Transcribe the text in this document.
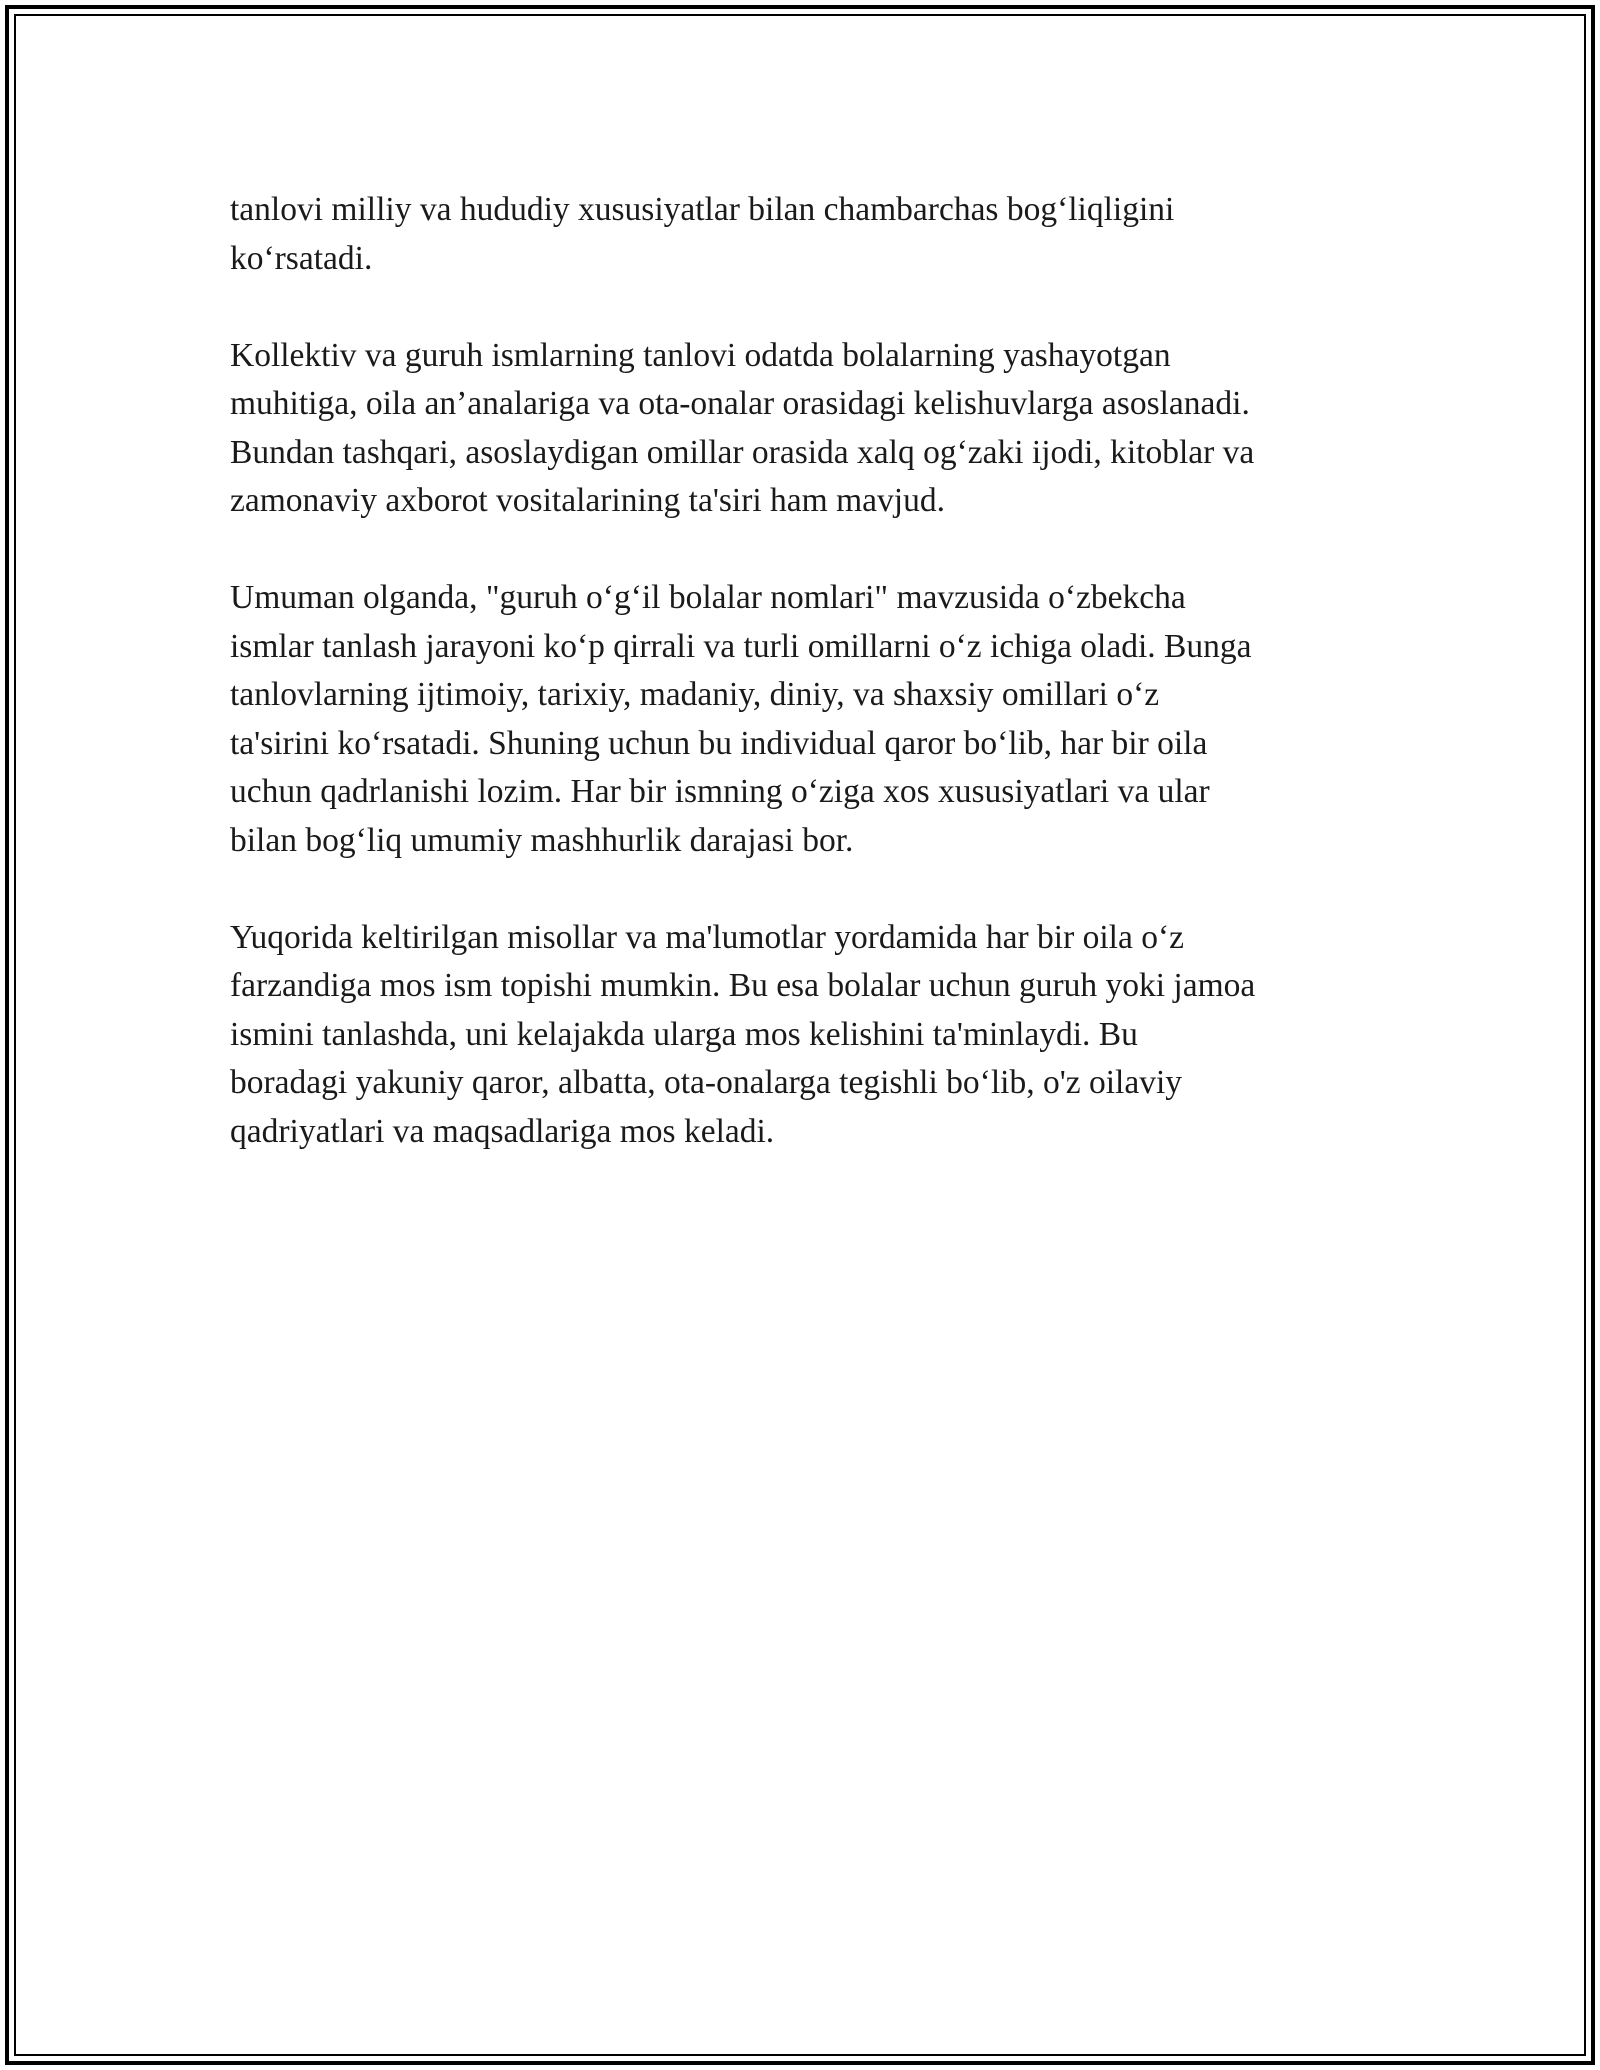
tanlovi milliy va hududiy xususiyatlar bilan chambarchas bog‘liqligini
ko‘rsatadi.

Kollektiv va guruh ismlarning tanlovi odatda bolalarning yashayotgan
muhitiga, oila an’analariga va ota-onalar orasidagi kelishuvlarga asoslanadi.
Bundan tashqari, asoslaydigan omillar orasida xalq og‘zaki ijodi, kitoblar va
zamonaviy axborot vositalarining ta'siri ham mavjud.

Umuman olganda, "guruh o‘g‘il bolalar nomlari" mavzusida o‘zbekcha
ismlar tanlash jarayoni ko‘p qirrali va turli omillarni o‘z ichiga oladi. Bunga
tanlovlarning ijtimoiy, tarixiy, madaniy, diniy, va shaxsiy omillari o‘z
ta'sirini ko‘rsatadi. Shuning uchun bu individual qaror bo‘lib, har bir oila
uchun qadrlanishi lozim. Har bir ismning o‘ziga xos xususiyatlari va ular
bilan bog‘liq umumiy mashhurlik darajasi bor.

Yuqorida keltirilgan misollar va ma'lumotlar yordamida har bir oila o‘z
farzandiga mos ism topishi mumkin. Bu esa bolalar uchun guruh yoki jamoa
ismini tanlashda, uni kelajakda ularga mos kelishini ta'minlaydi. Bu
boradagi yakuniy qaror, albatta, ota-onalarga tegishli bo‘lib, o'z oilaviy
qadriyatlari va maqsadlariga mos keladi.
